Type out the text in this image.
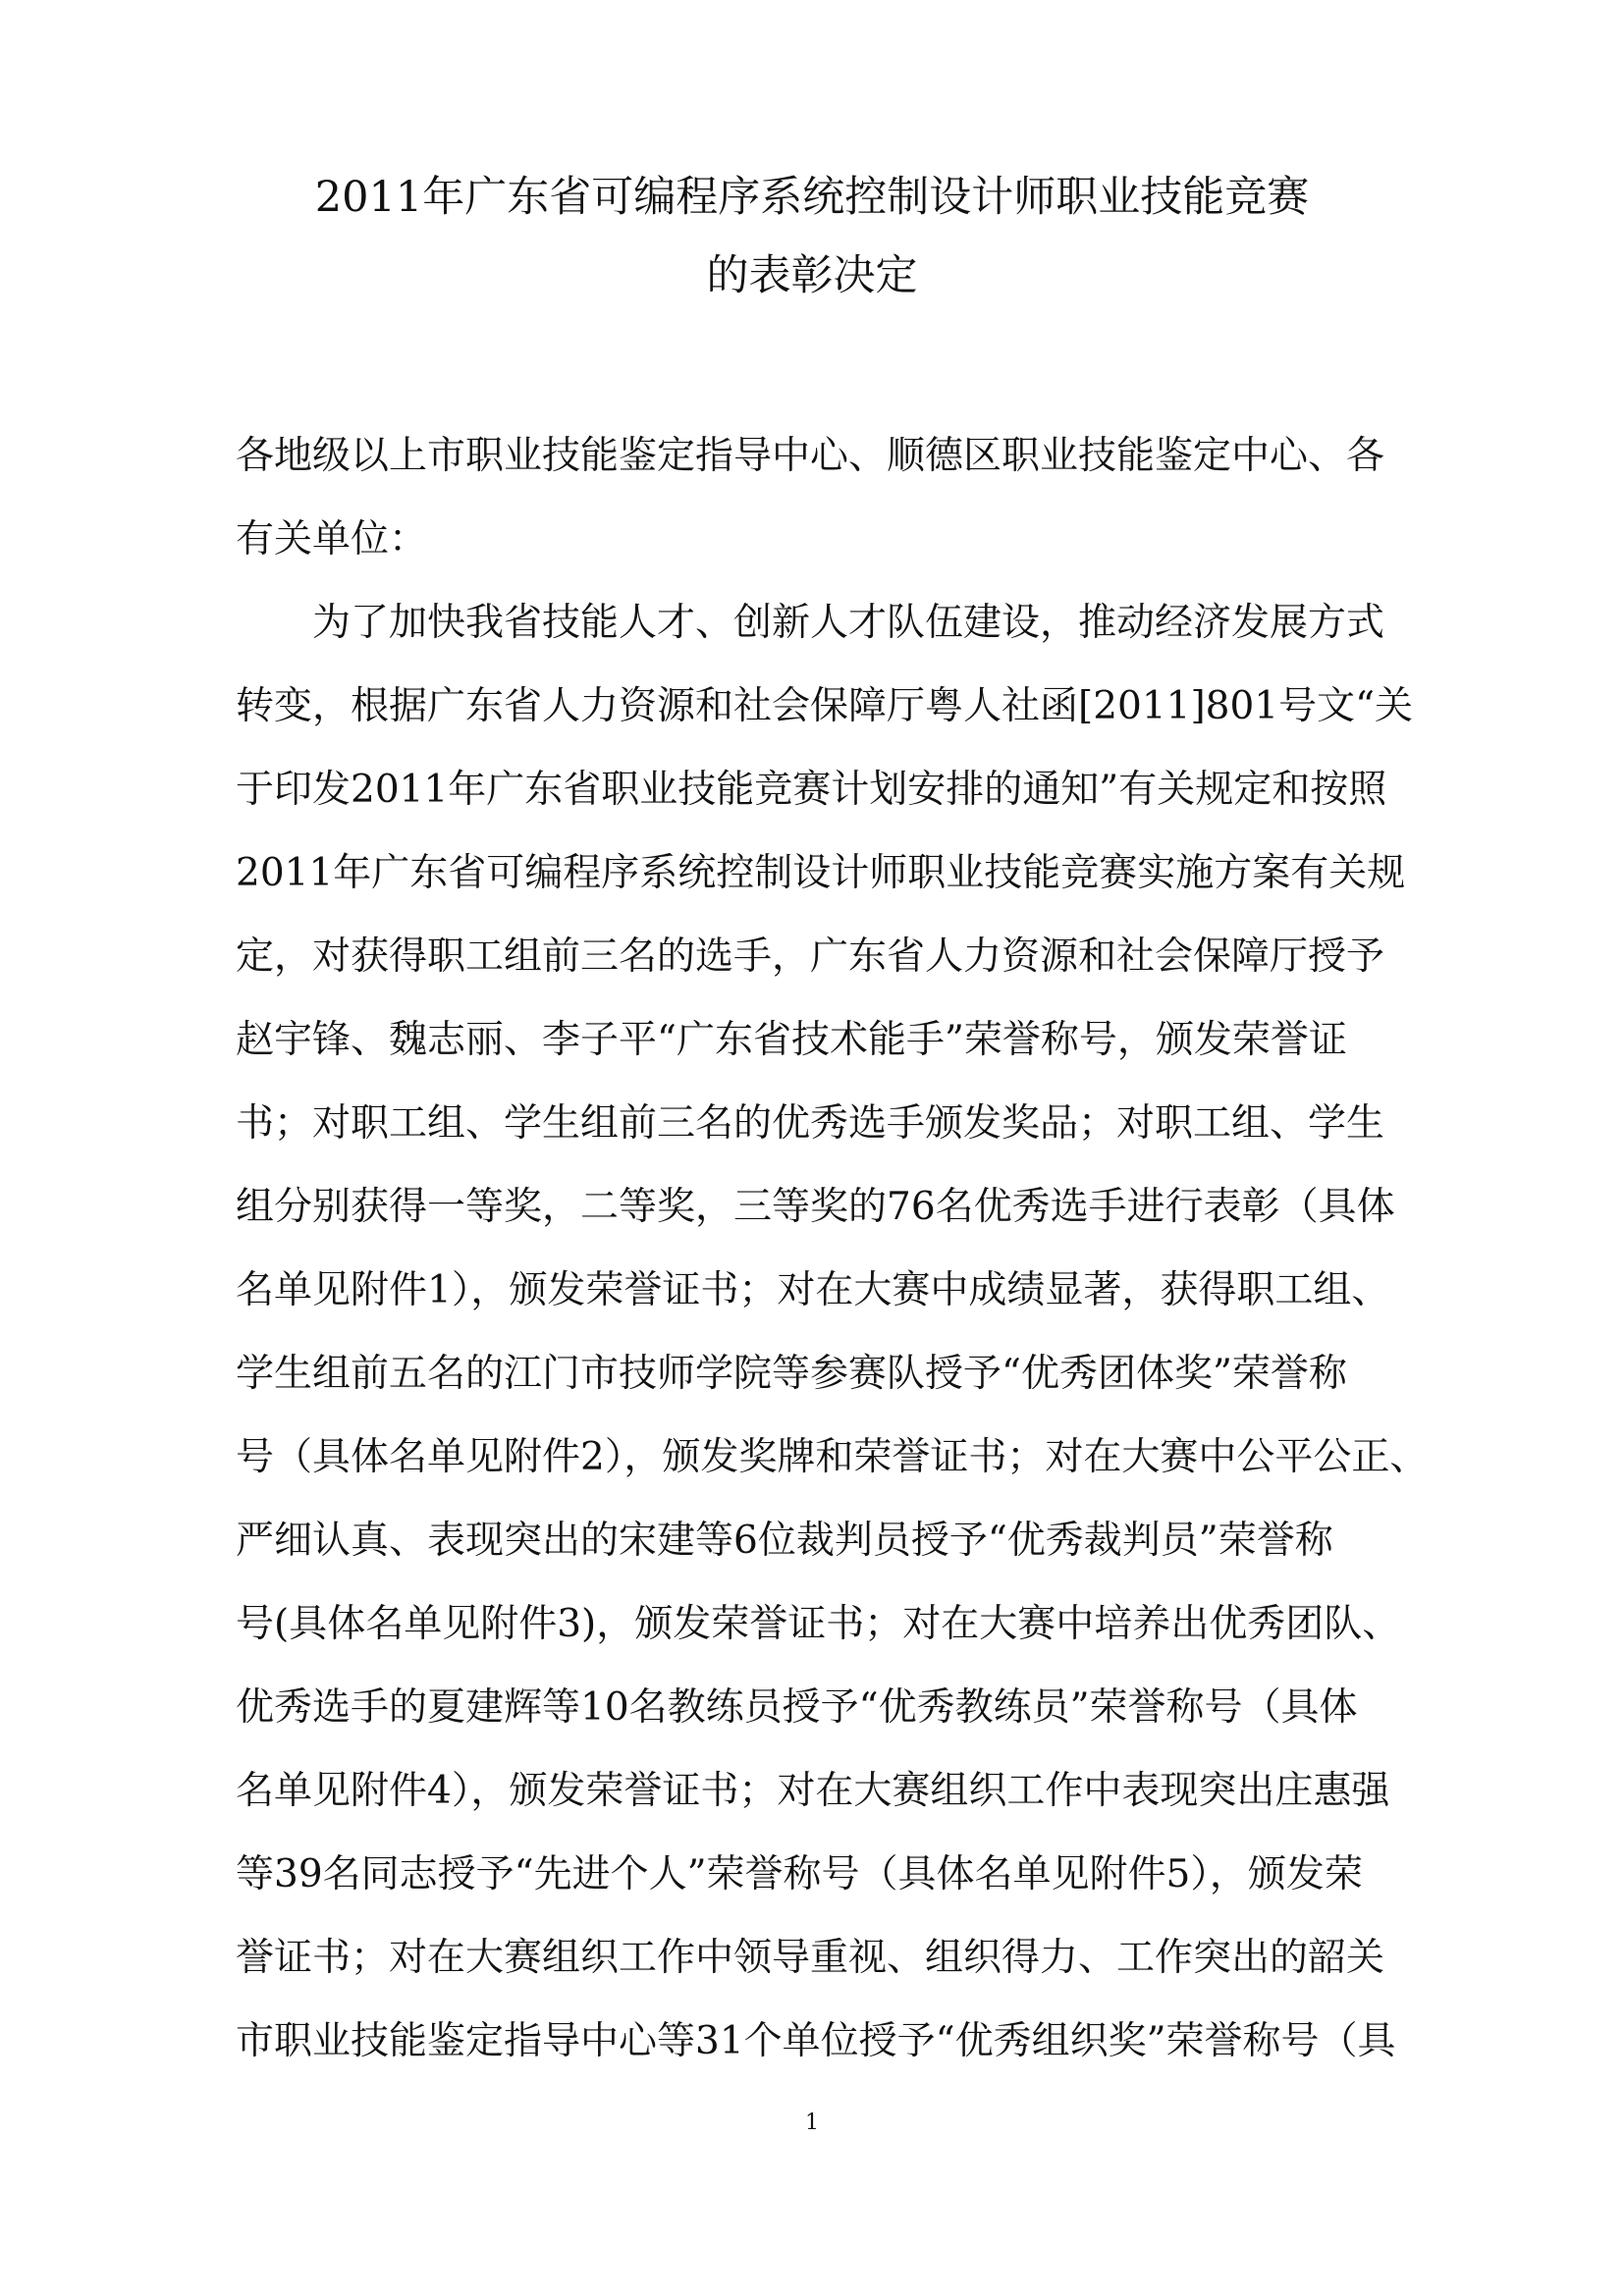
2011年广东省可编程序系统控制设计师职业技能竞赛
的表彰决定
各地级以上市职业技能鉴定指导中心、顺德区职业技能鉴定中心、各
有关单位：
　　为了加快我省技能人才、创新人才队伍建设，推动经济发展方式
转变，根据广东省人力资源和社会保障厅粤人社函[2011]801号文“关
于印发2011年广东省职业技能竞赛计划安排的通知”有关规定和按照
2011年广东省可编程序系统控制设计师职业技能竞赛实施方案有关规
定，对获得职工组前三名的选手，广东省人力资源和社会保障厅授予
赵宇锋、魏志丽、李子平“广东省技术能手”荣誉称号，颁发荣誉证
书；对职工组、学生组前三名的优秀选手颁发奖品；对职工组、学生
组分别获得一等奖，二等奖，三等奖的76名优秀选手进行表彰（具体
名单见附件1），颁发荣誉证书；对在大赛中成绩显著，获得职工组、
学生组前五名的江门市技师学院等参赛队授予“优秀团体奖”荣誉称
号（具体名单见附件2），颁发奖牌和荣誉证书；对在大赛中公平公正、
严细认真、表现突出的宋建等6位裁判员授予“优秀裁判员”荣誉称
号(具体名单见附件3)，颁发荣誉证书；对在大赛中培养出优秀团队、
优秀选手的夏建辉等10名教练员授予“优秀教练员”荣誉称号（具体
名单见附件4），颁发荣誉证书；对在大赛组织工作中表现突出庄惠强
等39名同志授予“先进个人”荣誉称号（具体名单见附件5），颁发荣
誉证书；对在大赛组织工作中领导重视、组织得力、工作突出的韶关
市职业技能鉴定指导中心等31个单位授予“优秀组织奖”荣誉称号（具
1
